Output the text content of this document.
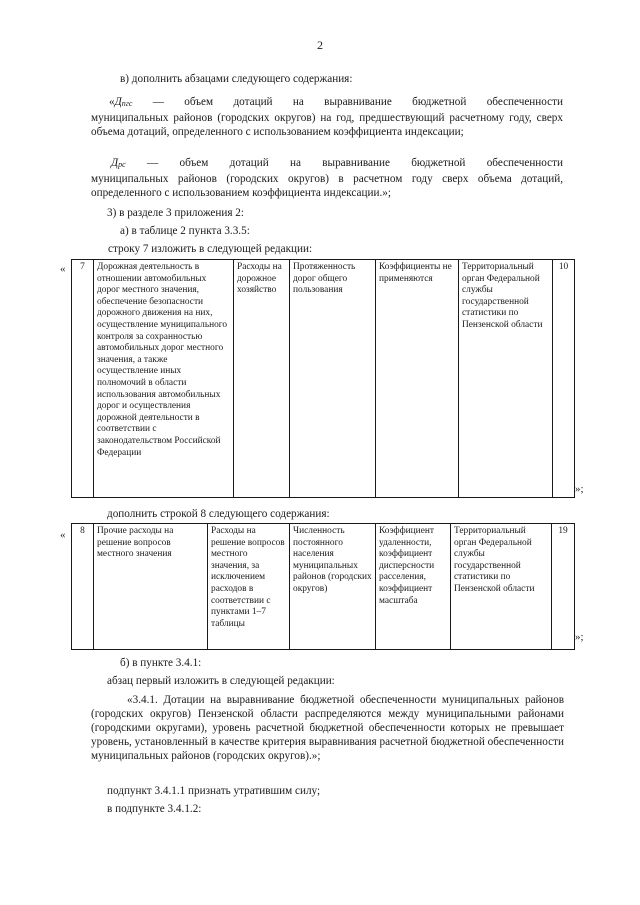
2
в) дополнить абзацами следующего содержания:
«Дпгс — объем дотаций на выравнивание бюджетной обеспеченности
муниципальных районов (городских округов) на год, предшествующий расчетному году, сверх объема дотаций, определенного с использованием коэффициента индексации;
Дрс — объем дотаций на выравнивание бюджетной обеспеченности
муниципальных районов (городских округов) в расчетном году сверх объема дотаций, определенного с использованием коэффициента индексации.»;
3) в разделе 3 приложения 2:
а) в таблице 2 пункта 3.3.5:
строку 7 изложить в следующей редакции:
« 7	Дорожная деятельность в отношении автомобильных дорог местного значения, обеспечение безопасности дорожного движения на них, осуществление муниципального контроля за сохранностью автомобильных дорог местного значения, а также осуществление иных полномочий в области использования автомобильных дорог и осуществления дорожной деятельности в соответствии с законодательством Российской Федерации	Расходы на дорожное хозяйство	Протяженность дорог общего пользования	Коэффициенты не применяются	Территориальный орган Федеральной службы государственной статистики по Пензенской области	10
»;
дополнить строкой 8 следующего содержания:
« 8	Прочие расходы на решение вопросов местного значения	Расходы на решение вопросов местного значения, за исключением расходов в соответствии с пунктами 1–7 таблицы	Численность постоянного населения муниципальных районов (городских округов)	Коэффициент удаленности, коэффициент дисперсности расселения, коэффициент масштаба	Территориальный орган Федеральной службы государственной статистики по Пензенской области	19
»;
б) в пункте 3.4.1:
абзац первый изложить в следующей редакции:
«3.4.1. Дотации на выравнивание бюджетной обеспеченности муниципальных районов (городских округов) Пензенской области распределяются между муниципальными районами (городскими округами), уровень расчетной бюджетной обеспеченности которых не превышает уровень, установленный в качестве критерия выравнивания расчетной бюджетной обеспеченности муниципальных районов (городских округов).»;
подпункт 3.4.1.1 признать утратившим силу;
в подпункте 3.4.1.2:
